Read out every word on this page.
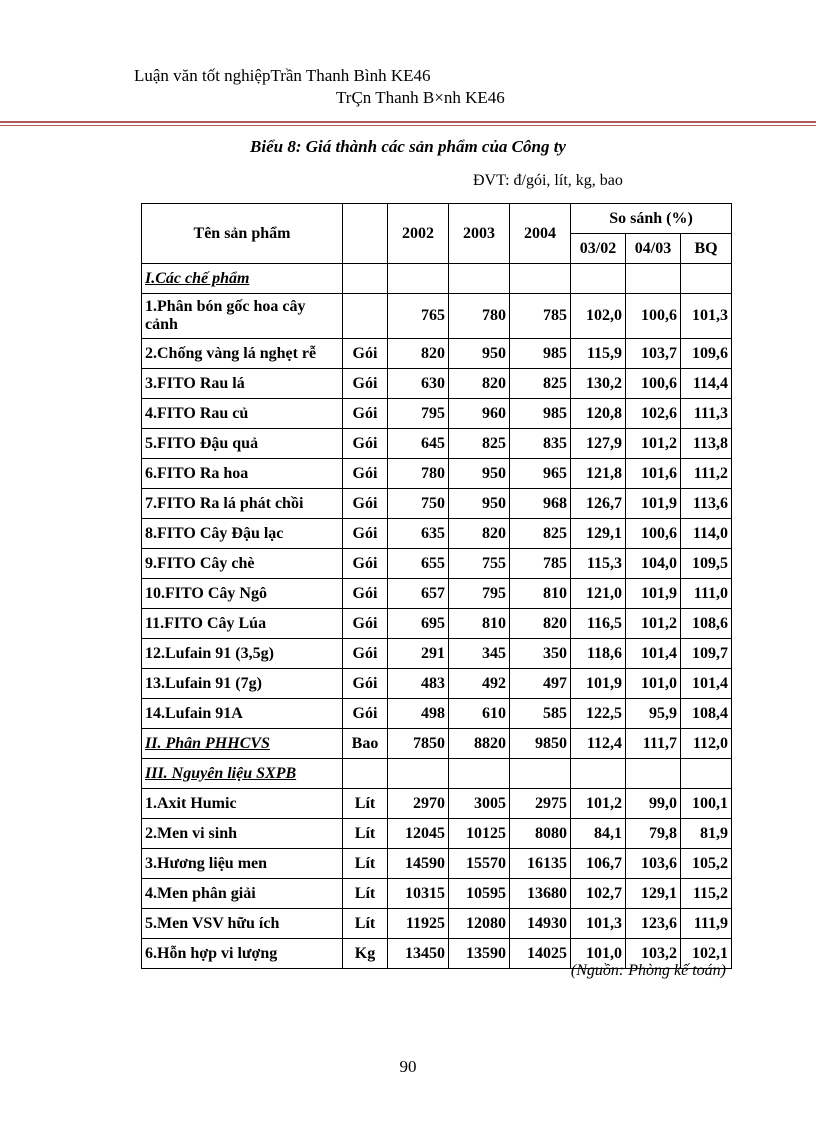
Luận văn tốt nghiệpTrần Thanh Bình KE46
TrÇn Thanh B×nh KE46
Biểu 8: Giá thành các sản phẩm của Công ty
ĐVT: đ/gói, lít, kg, bao
Tên sản phẩm		2002	2003	2004	So sánh (%)		
					03/02	04/03	BQ
I.Các chế phẩm							
1.Phân bón gốc hoa cây cảnh		765	780	785	102,0	100,6	101,3
2.Chống vàng lá nghẹt rễ	Gói	820	950	985	115,9	103,7	109,6
3.FITO Rau lá	Gói	630	820	825	130,2	100,6	114,4
4.FITO Rau củ	Gói	795	960	985	120,8	102,6	111,3
5.FITO Đậu quả	Gói	645	825	835	127,9	101,2	113,8
6.FITO Ra hoa	Gói	780	950	965	121,8	101,6	111,2
7.FITO Ra lá phát chồi	Gói	750	950	968	126,7	101,9	113,6
8.FITO Cây Đậu lạc	Gói	635	820	825	129,1	100,6	114,0
9.FITO Cây chè	Gói	655	755	785	115,3	104,0	109,5
10.FITO Cây Ngô	Gói	657	795	810	121,0	101,9	111,0
11.FITO Cây Lúa	Gói	695	810	820	116,5	101,2	108,6
12.Lufain 91 (3,5g)	Gói	291	345	350	118,6	101,4	109,7
13.Lufain 91 (7g)	Gói	483	492	497	101,9	101,0	101,4
14.Lufain 91A	Gói	498	610	585	122,5	95,9	108,4
II. Phân PHHCVS	Bao	7850	8820	9850	112,4	111,7	112,0
III. Nguyên liệu SXPB							
1.Axit Humic	Lít	2970	3005	2975	101,2	99,0	100,1
2.Men vi sinh	Lít	12045	10125	8080	84,1	79,8	81,9
3.Hương liệu men	Lít	14590	15570	16135	106,7	103,6	105,2
4.Men phân giải	Lít	10315	10595	13680	102,7	129,1	115,2
5.Men VSV hữu ích	Lít	11925	12080	14930	101,3	123,6	111,9
6.Hỗn hợp vi lượng	Kg	13450	13590	14025	101,0	103,2	102,1
(Nguồn: Phòng kế toán)
90
